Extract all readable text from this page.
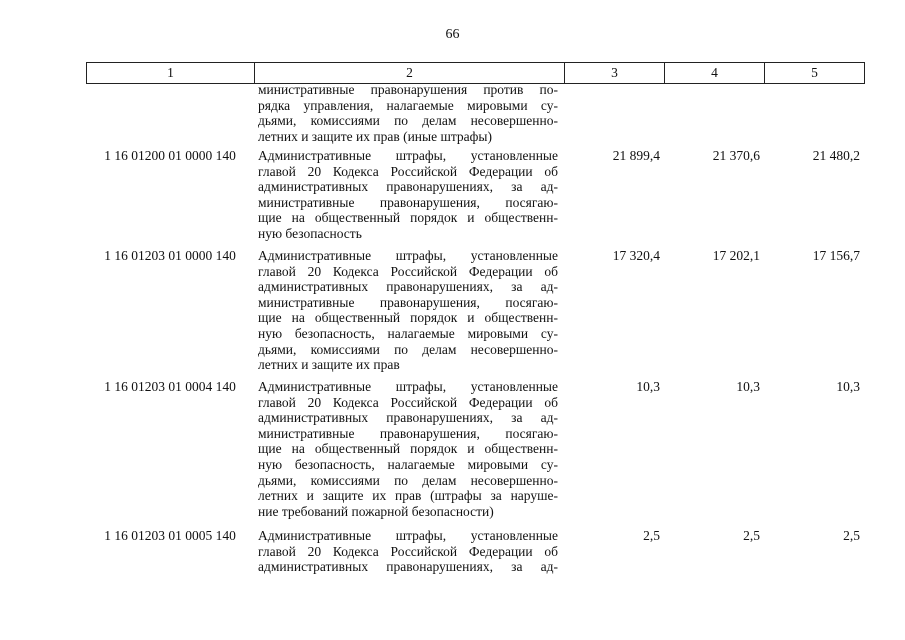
66
1	2	3	4	5
министративные правонарушения против по-
рядка управления, налагаемые мировыми су-
дьями, комиссиями по делам несовершенно-
летних и защите их прав (иные штрафы)
1 16 01200 01 0000 140	Административные штрафы, установленные
главой 20 Кодекса Российской Федерации об
административных правонарушениях, за ад-
министративные правонарушения, посягаю-
щие на общественный порядок и общественн-
ную безопасность
21 899,4	21 370,6	21 480,2
1 16 01203 01 0000 140	Административные штрафы, установленные
главой 20 Кодекса Российской Федерации об
административных правонарушениях, за ад-
министративные правонарушения, посягаю-
щие на общественный порядок и общественн-
ную безопасность, налагаемые мировыми су-
дьями, комиссиями по делам несовершенно-
летних и защите их прав
17 320,4	17 202,1	17 156,7
1 16 01203 01 0004 140	Административные штрафы, установленные
главой 20 Кодекса Российской Федерации об
административных правонарушениях, за ад-
министративные правонарушения, посягаю-
щие на общественный порядок и общественн-
ную безопасность, налагаемые мировыми су-
дьями, комиссиями по делам несовершенно-
летних и защите их прав (штрафы за наруше-
ние требований пожарной безопасности)
10,3	10,3	10,3
1 16 01203 01 0005 140	Административные штрафы, установленные
главой 20 Кодекса Российской Федерации об
административных правонарушениях, за ад-
2,5	2,5	2,5
